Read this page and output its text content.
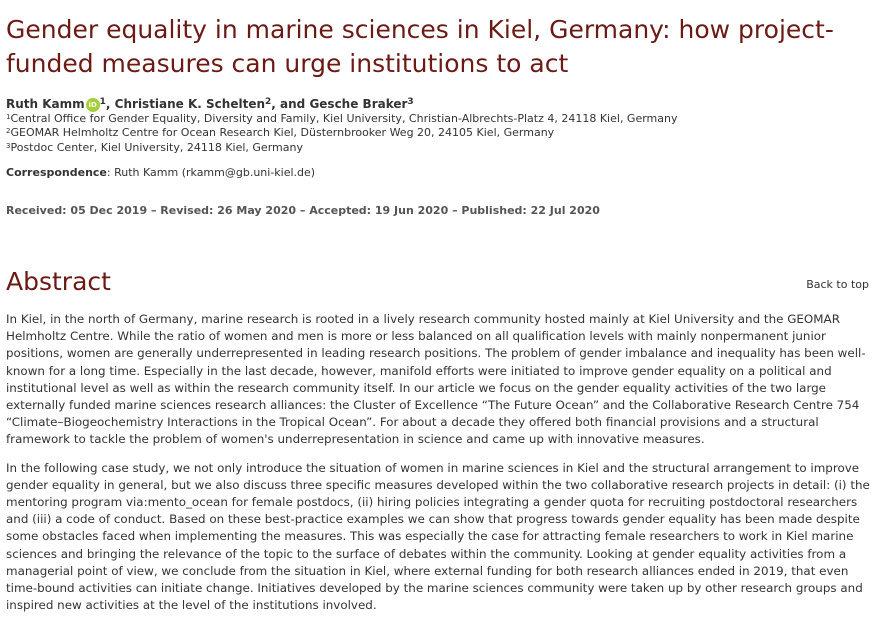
Gender equality in marine sciences in Kiel, Germany: how project-funded measures can urge institutions to act
Ruth Kamm iD $^1$, Christiane K. Schelten$^2$, and Gesche Braker$^3$
$^1$Central Office for Gender Equality, Diversity and Family, Kiel University, Christian-Albrechts-Platz 4, 24118 Kiel, Germany
$^2$GEOMAR Helmholtz Centre for Ocean Research Kiel, Düsternbrooker Weg 20, 24105 Kiel, Germany
$^3$Postdoc Center, Kiel University, 24118 Kiel, Germany
Correspondence: Ruth Kamm (rkamm@gb.uni-kiel.de)
Received: 05 Dec 2019 – Revised: 26 May 2020 – Accepted: 19 Jun 2020 – Published: 22 Jul 2020
Abstract	Back to top

In Kiel, in the north of Germany, marine research is rooted in a lively research community hosted mainly at Kiel University and the GEOMAR Helmholtz Centre. While the ratio of women and men is more or less balanced on all qualification levels with mainly nonpermanent junior positions, women are generally underrepresented in leading research positions. The problem of gender imbalance and inequality has been well-known for a long time. Especially in the last decade, however, manifold efforts were initiated to improve gender equality on a political and institutional level as well as within the research community itself. In our article we focus on the gender equality activities of the two large externally funded marine sciences research alliances: the Cluster of Excellence “The Future Ocean” and the Collaborative Research Centre 754 “Climate–Biogeochemistry Interactions in the Tropical Ocean”. For about a decade they offered both financial provisions and a structural framework to tackle the problem of women's underrepresentation in science and came up with innovative measures.

In the following case study, we not only introduce the situation of women in marine sciences in Kiel and the structural arrangement to improve gender equality in general, but we also discuss three specific measures developed within the two collaborative research projects in detail: (i) the mentoring program via:mento_ocean for female postdocs, (ii) hiring policies integrating a gender quota for recruiting postdoctoral researchers and (iii) a code of conduct. Based on these best-practice examples we can show that progress towards gender equality has been made despite some obstacles faced when implementing the measures. This was especially the case for attracting female researchers to work in Kiel marine sciences and bringing the relevance of the topic to the surface of debates within the community. Looking at gender equality activities from a managerial point of view, we conclude from the situation in Kiel, where external funding for both research alliances ended in 2019, that even time-bound activities can initiate change. Initiatives developed by the marine sciences community were taken up by other research groups and inspired new activities at the level of the institutions involved.
